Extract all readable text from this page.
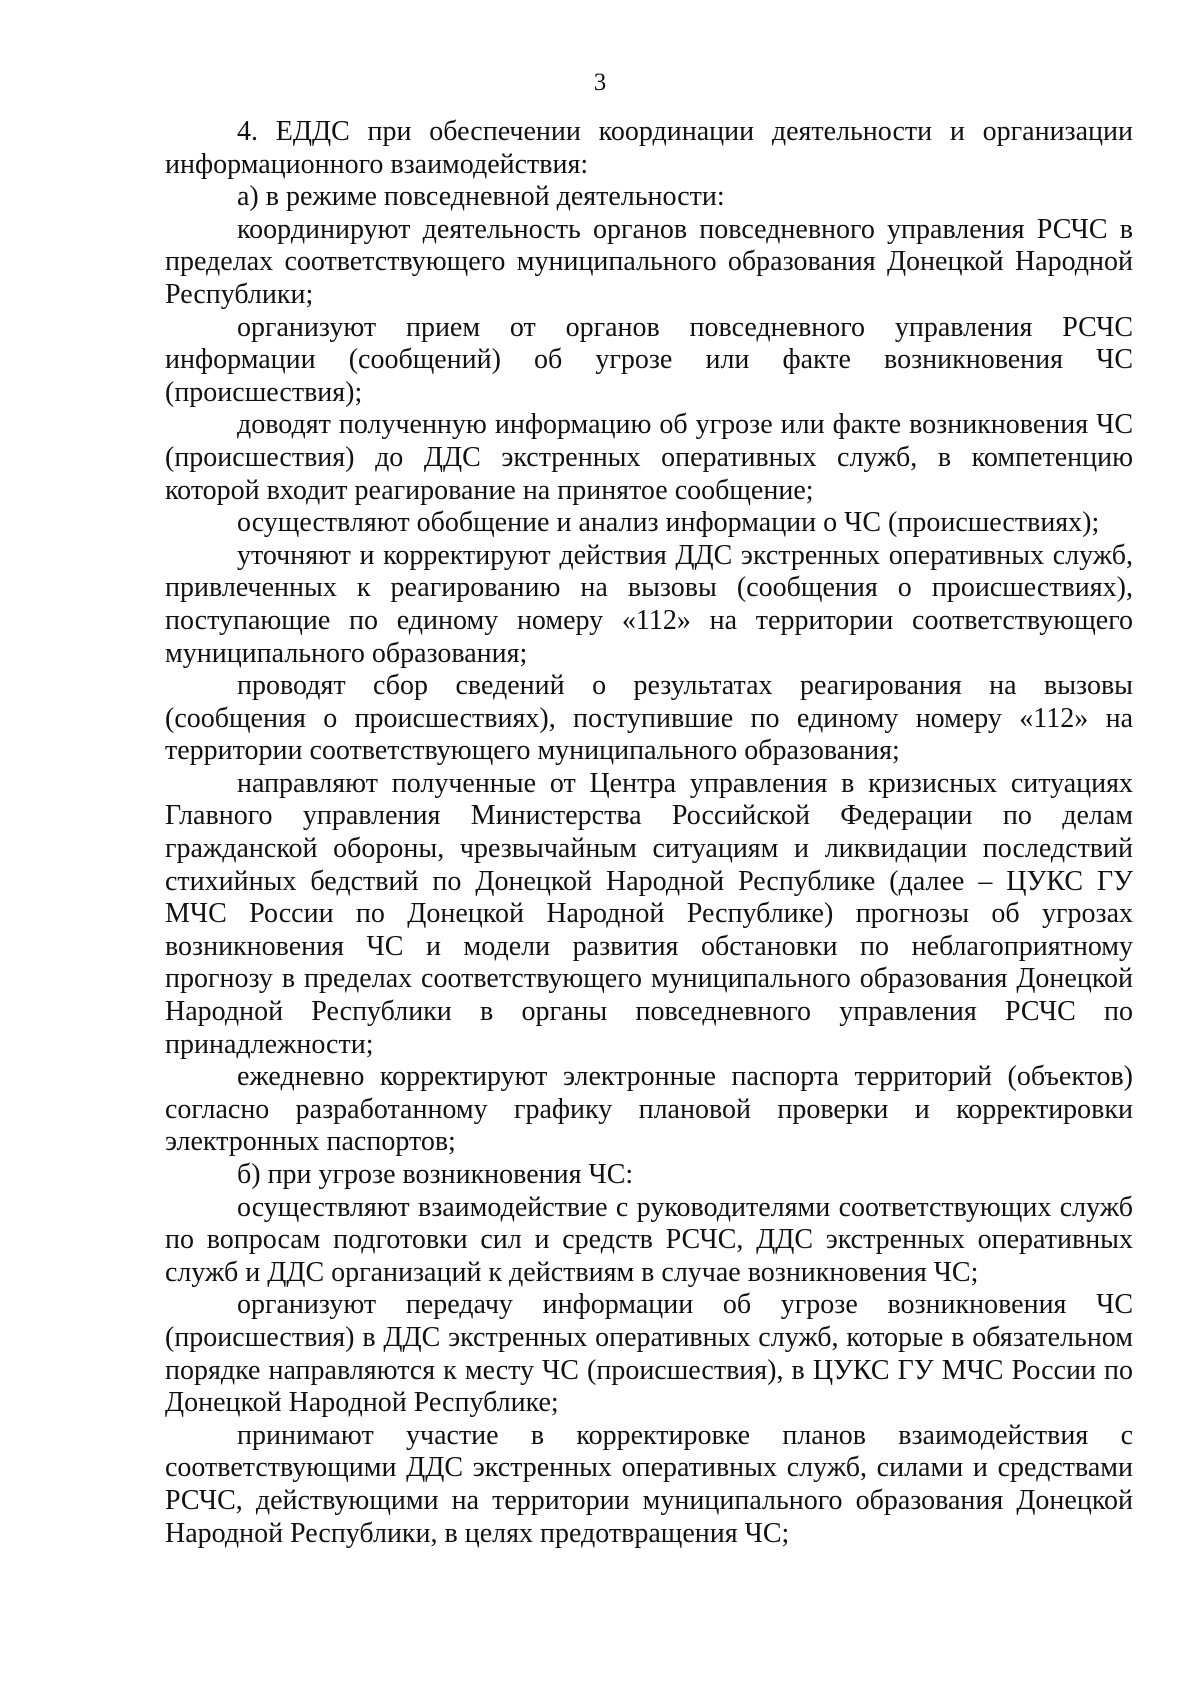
3

4. ЕДДС при обеспечении координации деятельности и организации информационного взаимодействия:

а) в режиме повседневной деятельности:

координируют деятельность органов повседневного управления РСЧС в пределах соответствующего муниципального образования Донецкой Народной Республики;

организуют прием от органов повседневного управления РСЧС информации (сообщений) об угрозе или факте возникновения ЧС (происшествия);

доводят полученную информацию об угрозе или факте возникновения ЧС (происшествия) до ДДС экстренных оперативных служб, в компетенцию которой входит реагирование на принятое сообщение;

осуществляют обобщение и анализ информации о ЧС (происшествиях);

уточняют и корректируют действия ДДС экстренных оперативных служб, привлеченных к реагированию на вызовы (сообщения о происшествиях), поступающие по единому номеру «112» на территории соответствующего муниципального образования;

проводят сбор сведений о результатах реагирования на вызовы (сообщения о происшествиях), поступившие по единому номеру «112» на территории соответствующего муниципального образования;

направляют полученные от Центра управления в кризисных ситуациях Главного управления Министерства Российской Федерации по делам гражданской обороны, чрезвычайным ситуациям и ликвидации последствий стихийных бедствий по Донецкой Народной Республике (далее – ЦУКС ГУ МЧС России по Донецкой Народной Республике) прогнозы об угрозах возникновения ЧС и модели развития обстановки по неблагоприятному прогнозу в пределах соответствующего муниципального образования Донецкой Народной Республики в органы повседневного управления РСЧС по принадлежности;

ежедневно корректируют электронные паспорта территорий (объектов) согласно разработанному графику плановой проверки и корректировки электронных паспортов;

б) при угрозе возникновения ЧС:

осуществляют взаимодействие с руководителями соответствующих служб по вопросам подготовки сил и средств РСЧС, ДДС экстренных оперативных служб и ДДС организаций к действиям в случае возникновения ЧС;

организуют передачу информации об угрозе возникновения ЧС (происшествия) в ДДС экстренных оперативных служб, которые в обязательном порядке направляются к месту ЧС (происшествия), в ЦУКС ГУ МЧС России по Донецкой Народной Республике;

принимают участие в корректировке планов взаимодействия с соответствующими ДДС экстренных оперативных служб, силами и средствами РСЧС, действующими на территории муниципального образования Донецкой Народной Республики, в целях предотвращения ЧС;
